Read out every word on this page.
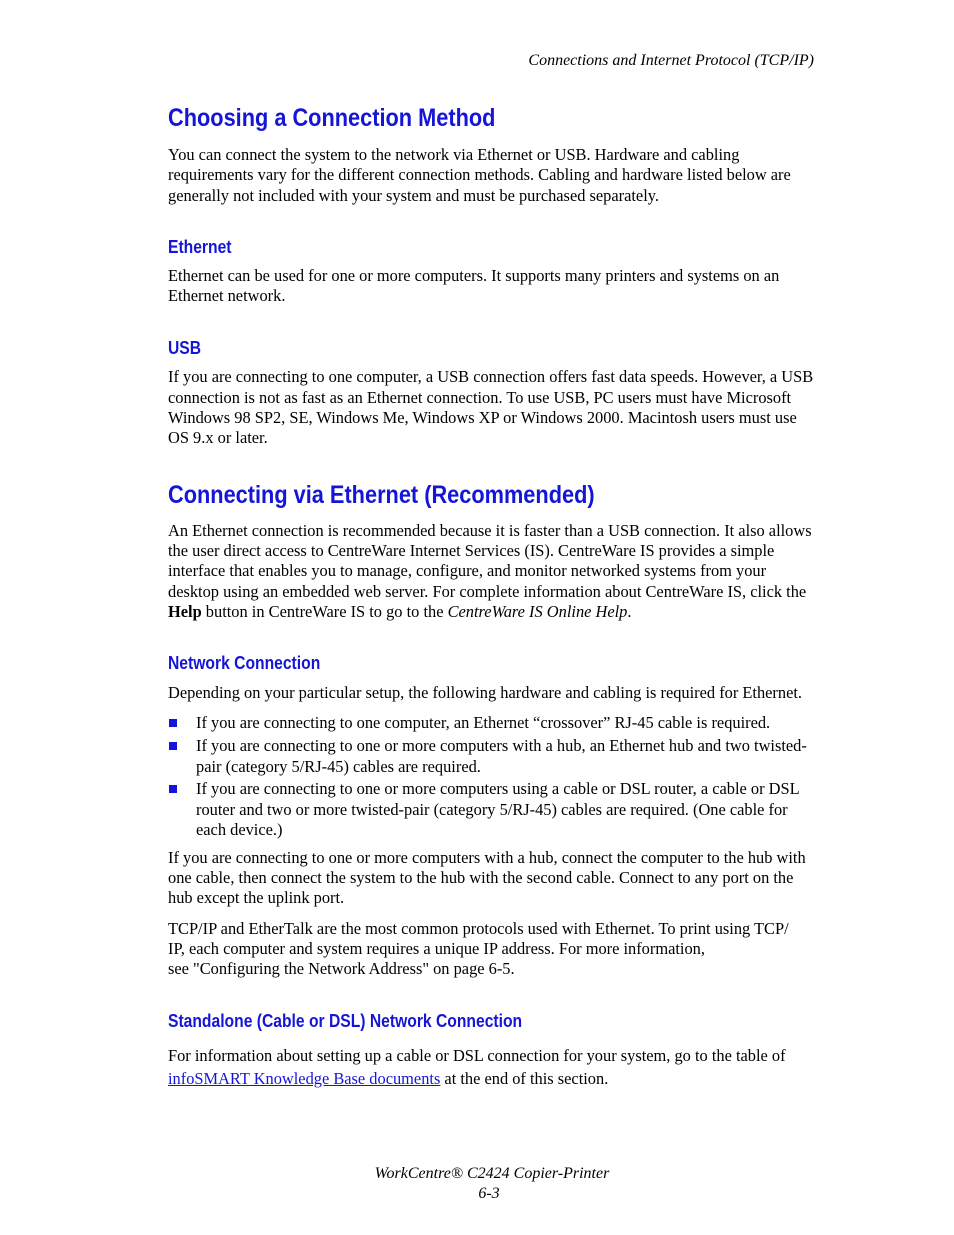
Connections and Internet Protocol (TCP/IP)
Choosing a Connection Method

You can connect the system to the network via Ethernet or USB. Hardware and cabling requirements vary for the different connection methods. Cabling and hardware listed below are generally not included with your system and must be purchased separately.

Ethernet

Ethernet can be used for one or more computers. It supports many printers and systems on an Ethernet network.

USB

If you are connecting to one computer, a USB connection offers fast data speeds. However, a USB connection is not as fast as an Ethernet connection. To use USB, PC users must have Microsoft Windows 98 SP2, SE, Windows Me, Windows XP or Windows 2000. Macintosh users must use OS 9.x or later.

Connecting via Ethernet (Recommended)

An Ethernet connection is recommended because it is faster than a USB connection. It also allows the user direct access to CentreWare Internet Services (IS). CentreWare IS provides a simple interface that enables you to manage, configure, and monitor networked systems from your desktop using an embedded web server. For complete information about CentreWare IS, click the Help button in CentreWare IS to go to the CentreWare IS Online Help.

Network Connection

Depending on your particular setup, the following hardware and cabling is required for Ethernet.

If you are connecting to one computer, an Ethernet “crossover” RJ-45 cable is required.
If you are connecting to one or more computers with a hub, an Ethernet hub and two twisted-pair (category 5/RJ-45) cables are required.
If you are connecting to one or more computers using a cable or DSL router, a cable or DSL router and two or more twisted-pair (category 5/RJ-45) cables are required. (One cable for each device.)

If you are connecting to one or more computers with a hub, connect the computer to the hub with one cable, then connect the system to the hub with the second cable. Connect to any port on the hub except the uplink port.

TCP/IP and EtherTalk are the most common protocols used with Ethernet. To print using TCP/
IP, each computer and system requires a unique IP address. For more information,
see "Configuring the Network Address" on page 6-5.

Standalone (Cable or DSL) Network Connection

For information about setting up a cable or DSL connection for your system, go to the table of infoSMART Knowledge Base documents at the end of this section.

WorkCentre® C2424 Copier-Printer
6-3
